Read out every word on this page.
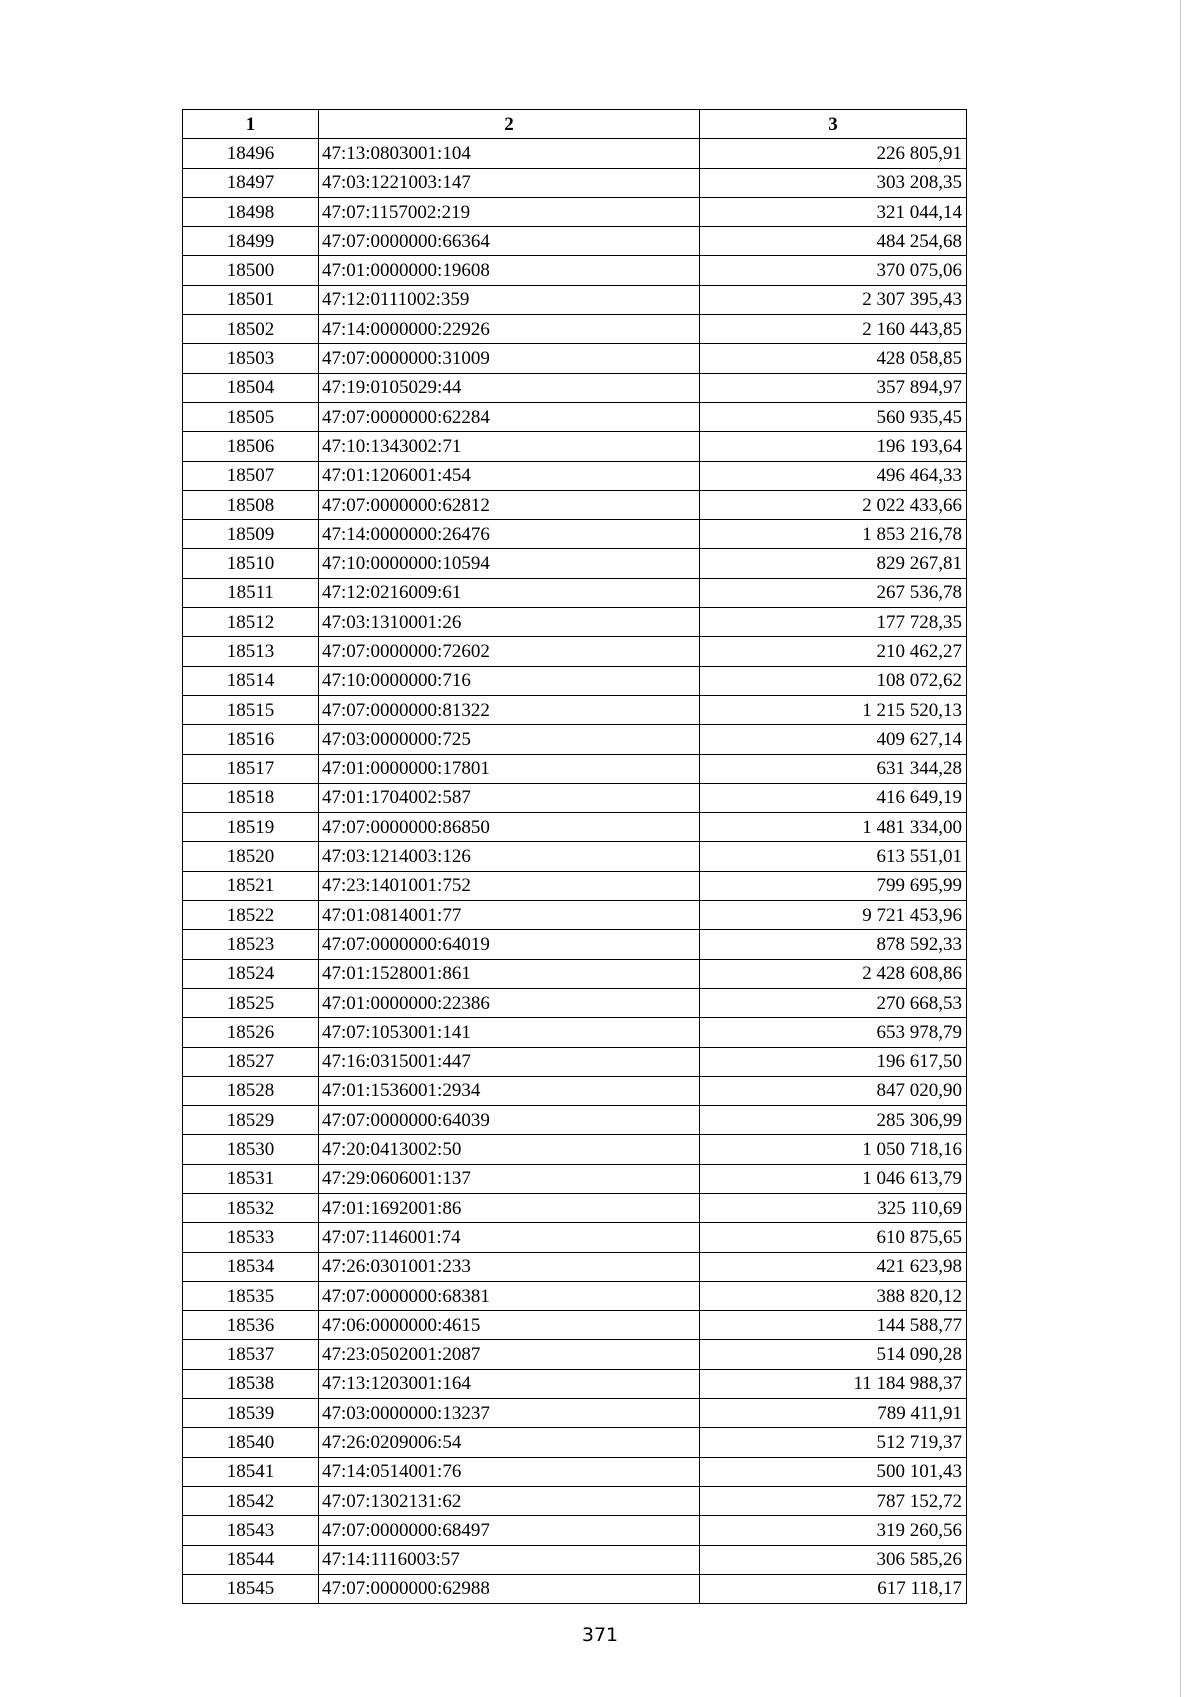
1	2	3
18496	47:13:0803001:104	226 805,91
18497	47:03:1221003:147	303 208,35
18498	47:07:1157002:219	321 044,14
18499	47:07:0000000:66364	484 254,68
18500	47:01:0000000:19608	370 075,06
18501	47:12:0111002:359	2 307 395,43
18502	47:14:0000000:22926	2 160 443,85
18503	47:07:0000000:31009	428 058,85
18504	47:19:0105029:44	357 894,97
18505	47:07:0000000:62284	560 935,45
18506	47:10:1343002:71	196 193,64
18507	47:01:1206001:454	496 464,33
18508	47:07:0000000:62812	2 022 433,66
18509	47:14:0000000:26476	1 853 216,78
18510	47:10:0000000:10594	829 267,81
18511	47:12:0216009:61	267 536,78
18512	47:03:1310001:26	177 728,35
18513	47:07:0000000:72602	210 462,27
18514	47:10:0000000:716	108 072,62
18515	47:07:0000000:81322	1 215 520,13
18516	47:03:0000000:725	409 627,14
18517	47:01:0000000:17801	631 344,28
18518	47:01:1704002:587	416 649,19
18519	47:07:0000000:86850	1 481 334,00
18520	47:03:1214003:126	613 551,01
18521	47:23:1401001:752	799 695,99
18522	47:01:0814001:77	9 721 453,96
18523	47:07:0000000:64019	878 592,33
18524	47:01:1528001:861	2 428 608,86
18525	47:01:0000000:22386	270 668,53
18526	47:07:1053001:141	653 978,79
18527	47:16:0315001:447	196 617,50
18528	47:01:1536001:2934	847 020,90
18529	47:07:0000000:64039	285 306,99
18530	47:20:0413002:50	1 050 718,16
18531	47:29:0606001:137	1 046 613,79
18532	47:01:1692001:86	325 110,69
18533	47:07:1146001:74	610 875,65
18534	47:26:0301001:233	421 623,98
18535	47:07:0000000:68381	388 820,12
18536	47:06:0000000:4615	144 588,77
18537	47:23:0502001:2087	514 090,28
18538	47:13:1203001:164	11 184 988,37
18539	47:03:0000000:13237	789 411,91
18540	47:26:0209006:54	512 719,37
18541	47:14:0514001:76	500 101,43
18542	47:07:1302131:62	787 152,72
18543	47:07:0000000:68497	319 260,56
18544	47:14:1116003:57	306 585,26
18545	47:07:0000000:62988	617 118,17
371
